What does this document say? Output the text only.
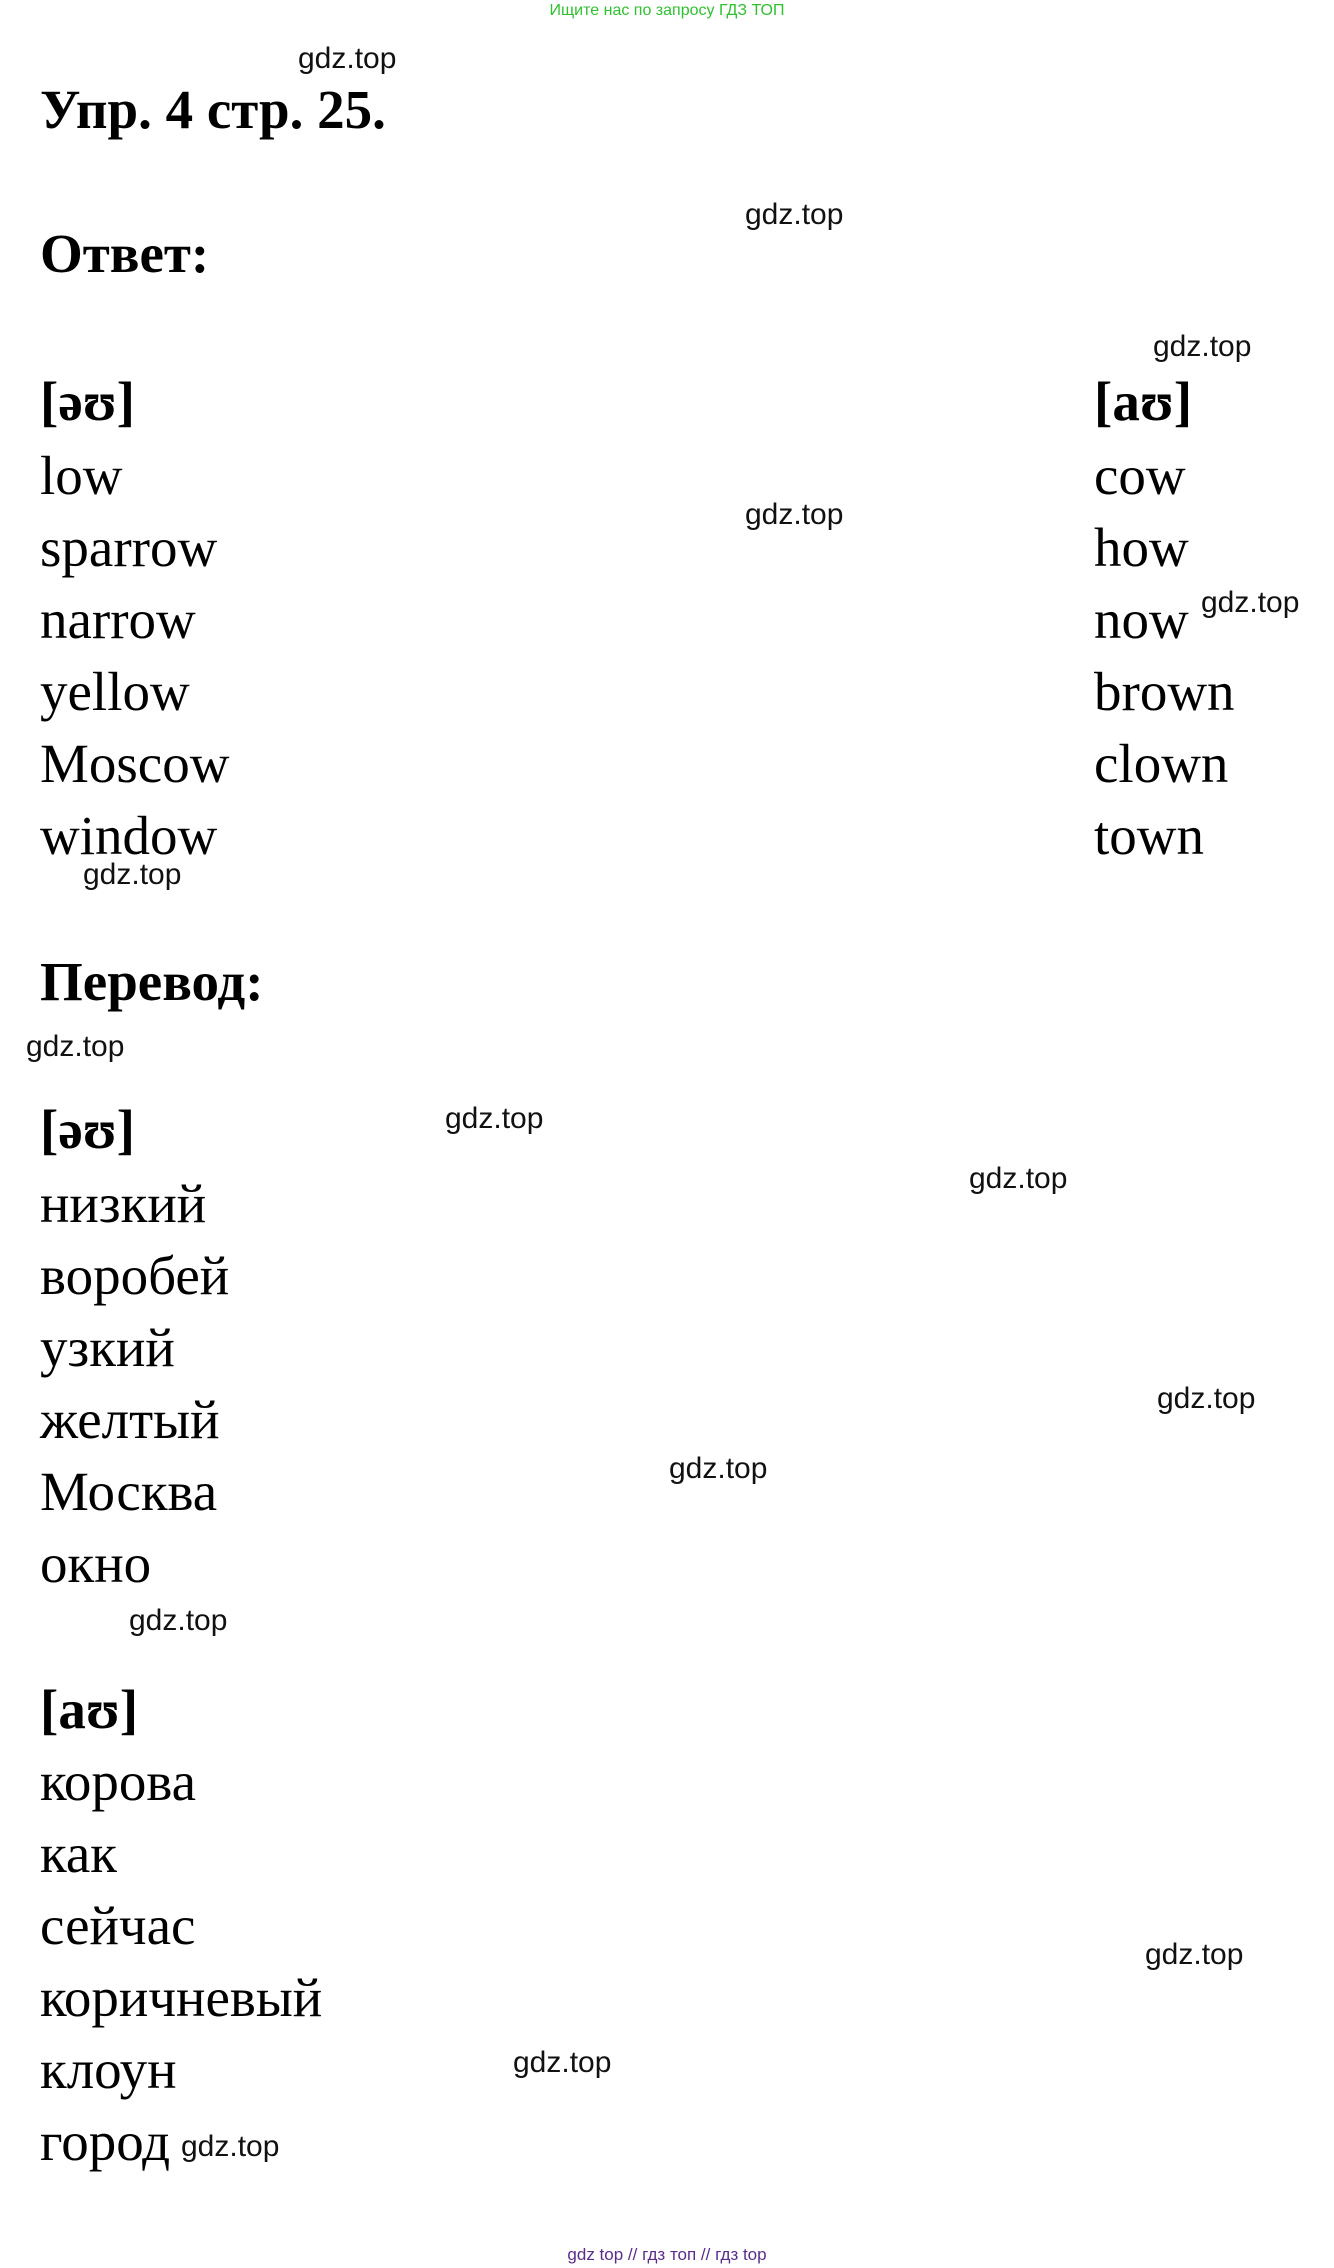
Ищите нас по запросу ГДЗ ТОП
Упр. 4 стр. 25.
Ответ:
[əʊ]
low
sparrow
narrow
yellow
Moscow
window
[aʊ]
cow
how
now
brown
clown
town
Перевод:
[əʊ]
низкий
воробей
узкий
желтый
Москва
окно
[aʊ]
корова
как
сейчас
коричневый
клоун
город
gdz.top
gdz.top
gdz.top
gdz.top
gdz.top
gdz.top
gdz.top
gdz.top
gdz.top
gdz.top
gdz.top
gdz.top
gdz.top
gdz.top
gdz.top
gdz top // гдз топ // гдз top
